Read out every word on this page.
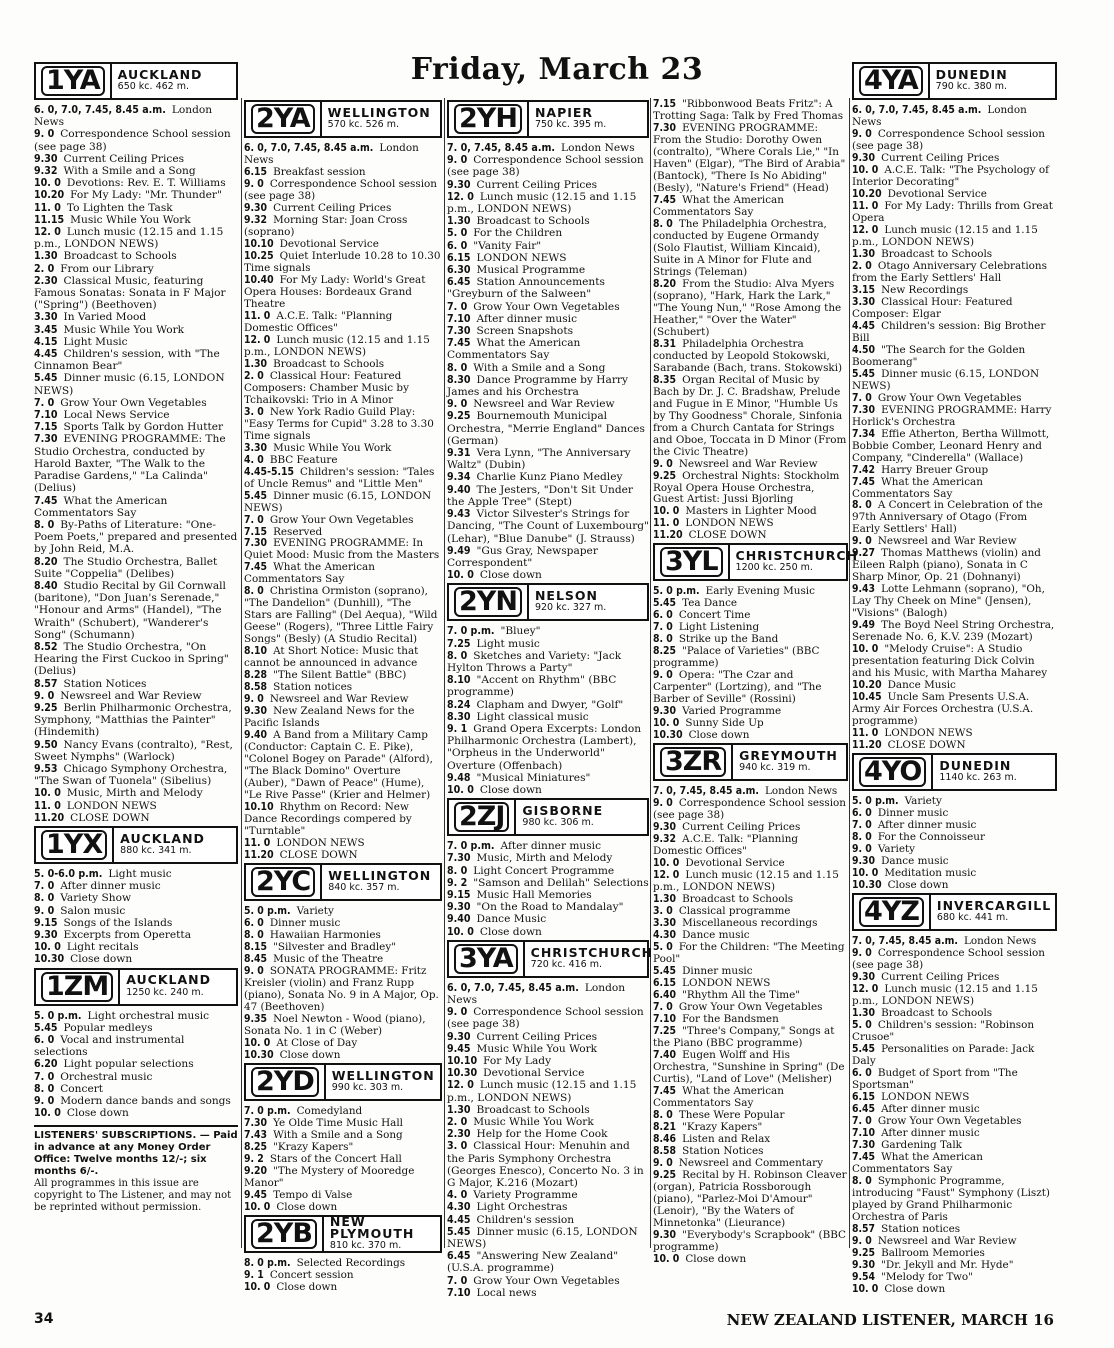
Friday, March 23
1YA	AUCKLAND
650 kc. 462 m.
6. 0, 7.0, 7.45, 8.45 a.m. London News
9. 0 Correspondence School session (see page 38)
9.30 Current Ceiling Prices
9.32 With a Smile and a Song
10. 0 Devotions: Rev. E. T. Williams
10.20 For My Lady: "Mr. Thunder"
11. 0 To Lighten the Task
11.15 Music While You Work
12. 0 Lunch music (12.15 and 1.15 p.m., LONDON NEWS)
1.30 Broadcast to Schools
2. 0 From our Library
2.30 Classical Music, featuring Famous Sonatas: Sonata in F Major ("Spring") (Beethoven)
3.30 In Varied Mood
3.45 Music While You Work
4.15 Light Music
4.45 Children's session, with "The Cinnamon Bear"
5.45 Dinner music (6.15, LONDON NEWS)
7. 0 Grow Your Own Vegetables
7.10 Local News Service
7.15 Sports Talk by Gordon Hutter
7.30 EVENING PROGRAMME: The Studio Orchestra, conducted by Harold Baxter, "The Walk to the Paradise Gardens," "La Calinda" (Delius)
7.45 What the American Commentators Say
8. 0 By-Paths of Literature: "One-Poem Poets," prepared and presented by John Reid, M.A.
8.20 The Studio Orchestra, Ballet Suite "Coppelia" (Delibes)
8.40 Studio Recital by Gil Cornwall (baritone), "Don Juan's Serenade," "Honour and Arms" (Handel), "The Wraith" (Schubert), "Wanderer's Song" (Schumann)
8.52 The Studio Orchestra, "On Hearing the First Cuckoo in Spring" (Delius)
8.57 Station Notices
9. 0 Newsreel and War Review
9.25 Berlin Philharmonic Orchestra, Symphony, "Matthias the Painter" (Hindemith)
9.50 Nancy Evans (contralto), "Rest, Sweet Nymphs" (Warlock)
9.53 Chicago Symphony Orchestra, "The Swan of Tuonela" (Sibelius)
10. 0 Music, Mirth and Melody
11. 0 LONDON NEWS
11.20 CLOSE DOWN
1YX	AUCKLAND
880 kc. 341 m.
5. 0-6.0 p.m. Light music
7. 0 After dinner music
8. 0 Variety Show
9. 0 Salon music
9.15 Songs of the Islands
9.30 Excerpts from Operetta
10. 0 Light recitals
10.30 Close down
1ZM	AUCKLAND
1250 kc. 240 m.
5. 0 p.m. Light orchestral music
5.45 Popular medleys
6. 0 Vocal and instrumental selections
6.20 Light popular selections
7. 0 Orchestral music
8. 0 Concert
9. 0 Modern dance bands and songs
10. 0 Close down
LISTENERS' SUBSCRIPTIONS. — Paid in advance at any Money Order Office: Twelve months 12/-; six months 6/-.
All programmes in this issue are copyright to The Listener, and may not be reprinted without permission.
2YA	WELLINGTON
570 kc. 526 m.
6. 0, 7.0, 7.45, 8.45 a.m. London News
6.15 Breakfast session
9. 0 Correspondence School session (see page 38)
9.30 Current Ceiling Prices
9.32 Morning Star: Joan Cross (soprano)
10.10 Devotional Service
10.25 Quiet Interlude 10.28 to 10.30 Time signals
10.40 For My Lady: World's Great Opera Houses: Bordeaux Grand Theatre
11. 0 A.C.E. Talk: "Planning Domestic Offices"
12. 0 Lunch music (12.15 and 1.15 p.m., LONDON NEWS)
1.30 Broadcast to Schools
2. 0 Classical Hour: Featured Composers: Chamber Music by Tchaikovski: Trio in A Minor
3. 0 New York Radio Guild Play: "Easy Terms for Cupid" 3.28 to 3.30 Time signals
3.30 Music While You Work
4. 0 BBC Feature
4.45-5.15 Children's session: "Tales of Uncle Remus" and "Little Men"
5.45 Dinner music (6.15, LONDON NEWS)
7. 0 Grow Your Own Vegetables
7.15 Reserved
7.30 EVENING PROGRAMME: In Quiet Mood: Music from the Masters
7.45 What the American Commentators Say
8. 0 Christina Ormiston (soprano), "The Dandelion" (Dunhill), "The Stars are Falling" (Del Aequa), "Wild Geese" (Rogers), "Three Little Fairy Songs" (Besly) (A Studio Recital)
8.10 At Short Notice: Music that cannot be announced in advance
8.28 "The Silent Battle" (BBC)
8.58 Station notices
9. 0 Newsreel and War Review
9.30 New Zealand News for the Pacific Islands
9.40 A Band from a Military Camp (Conductor: Captain C. E. Pike), "Colonel Bogey on Parade" (Alford), "The Black Domino" Overture (Auber), "Dawn of Peace" (Hume), "Le Rive Passe" (Krier and Helmer)
10.10 Rhythm on Record: New Dance Recordings compered by "Turntable"
11. 0 LONDON NEWS
11.20 CLOSE DOWN
2YC	WELLINGTON
840 kc. 357 m.
5. 0 p.m. Variety
6. 0 Dinner music
8. 0 Hawaiian Harmonies
8.15 "Silvester and Bradley"
8.45 Music of the Theatre
9. 0 SONATA PROGRAMME: Fritz Kreisler (violin) and Franz Rupp (piano), Sonata No. 9 in A Major, Op. 47 (Beethoven)
9.35 Noel Newton - Wood (piano), Sonata No. 1 in C (Weber)
10. 0 At Close of Day
10.30 Close down
2YD	WELLINGTON
990 kc. 303 m.
7. 0 p.m. Comedyland
7.30 Ye Olde Time Music Hall
7.43 With a Smile and a Song
8.25 "Krazy Kapers"
9. 2 Stars of the Concert Hall
9.20 "The Mystery of Mooredge Manor"
9.45 Tempo di Valse
10. 0 Close down
2YB	NEW PLYMOUTH
810 kc. 370 m.
8. 0 p.m. Selected Recordings
9. 1 Concert session
10. 0 Close down
2YH	NAPIER
750 kc. 395 m.
7. 0, 7.45, 8.45 a.m. London News
9. 0 Correspondence School session (see page 38)
9.30 Current Ceiling Prices
12. 0 Lunch music (12.15 and 1.15 p.m., LONDON NEWS)
1.30 Broadcast to Schools
5. 0 For the Children
6. 0 "Vanity Fair"
6.15 LONDON NEWS
6.30 Musical Programme
6.45 Station Announcements "Greyburn of the Salween"
7. 0 Grow Your Own Vegetables
7.10 After dinner music
7.30 Screen Snapshots
7.45 What the American Commentators Say
8. 0 With a Smile and a Song
8.30 Dance Programme by Harry James and his Orchestra
9. 0 Newsreel and War Review
9.25 Bournemouth Municipal Orchestra, "Merrie England" Dances (German)
9.31 Vera Lynn, "The Anniversary Waltz" (Dubin)
9.34 Charlie Kunz Piano Medley
9.40 The Jesters, "Don't Sit Under the Apple Tree" (Stept)
9.43 Victor Silvester's Strings for Dancing, "The Count of Luxembourg" (Lehar), "Blue Danube" (J. Strauss)
9.49 "Gus Gray, Newspaper Correspondent"
10. 0 Close down
2YN	NELSON
920 kc. 327 m.
7. 0 p.m. "Bluey"
7.25 Light music
8. 0 Sketches and Variety: "Jack Hylton Throws a Party"
8.10 "Accent on Rhythm" (BBC programme)
8.24 Clapham and Dwyer, "Golf"
8.30 Light classical music
9. 1 Grand Opera Excerpts: London Philharmonic Orchestra (Lambert), "Orpheus in the Underworld" Overture (Offenbach)
9.48 "Musical Miniatures"
10. 0 Close down
2ZJ	GISBORNE
980 kc. 306 m.
7. 0 p.m. After dinner music
7.30 Music, Mirth and Melody
8. 0 Light Concert Programme
9. 2 "Samson and Delilah" Selections
9.15 Music Hall Memories
9.30 "On the Road to Mandalay"
9.40 Dance Music
10. 0 Close down
3YA	CHRISTCHURCH
720 kc. 416 m.
6. 0, 7.0, 7.45, 8.45 a.m. London News
9. 0 Correspondence School session (see page 38)
9.30 Current Ceiling Prices
9.45 Music While You Work
10.10 For My Lady
10.30 Devotional Service
12. 0 Lunch music (12.15 and 1.15 p.m., LONDON NEWS)
1.30 Broadcast to Schools
2. 0 Music While You Work
2.30 Help for the Home Cook
3. 0 Classical Hour: Menuhin and the Paris Symphony Orchestra (Georges Enesco), Concerto No. 3 in G Major, K.216 (Mozart)
4. 0 Variety Programme
4.30 Light Orchestras
4.45 Children's session
5.45 Dinner music (6.15, LONDON NEWS)
6.45 "Answering New Zealand" (U.S.A. programme)
7. 0 Grow Your Own Vegetables
7.10 Local news
7.15 "Ribbonwood Beats Fritz": A Trotting Saga: Talk by Fred Thomas
7.30 EVENING PROGRAMME: From the Studio: Dorothy Owen (contralto), "Where Corals Lie," "In Haven" (Elgar), "The Bird of Arabia" (Bantock), "There Is No Abiding" (Besly), "Nature's Friend" (Head)
7.45 What the American Commentators Say
8. 0 The Philadelphia Orchestra, conducted by Eugene Ormandy (Solo Flautist, William Kincaid), Suite in A Minor for Flute and Strings (Teleman)
8.20 From the Studio: Alva Myers (soprano), "Hark, Hark the Lark," "The Young Nun," "Rose Among the Heather," "Over the Water" (Schubert)
8.31 Philadelphia Orchestra conducted by Leopold Stokowski, Sarabande (Bach, trans. Stokowski)
8.35 Organ Recital of Music by Bach by Dr. J. C. Bradshaw, Prelude and Fugue in E Minor, "Humble Us by Thy Goodness" Chorale, Sinfonia from a Church Cantata for Strings and Oboe, Toccata in D Minor (From the Civic Theatre)
9. 0 Newsreel and War Review
9.25 Orchestral Nights: Stockholm Royal Opera House Orchestra, Guest Artist: Jussi Bjorling
10. 0 Masters in Lighter Mood
11. 0 LONDON NEWS
11.20 CLOSE DOWN
3YL	CHRISTCHURCH
1200 kc. 250 m.
5. 0 p.m. Early Evening Music
5.45 Tea Dance
6. 0 Concert Time
7. 0 Light Listening
8. 0 Strike up the Band
8.25 "Palace of Varieties" (BBC programme)
9. 0 Opera: "The Czar and Carpenter" (Lortzing), and "The Barber of Seville" (Rossini)
9.30 Varied Programme
10. 0 Sunny Side Up
10.30 Close down
3ZR	GREYMOUTH
940 kc. 319 m.
7. 0, 7.45, 8.45 a.m. London News
9. 0 Correspondence School session (see page 38)
9.30 Current Ceiling Prices
9.32 A.C.E. Talk: "Planning Domestic Offices"
10. 0 Devotional Service
12. 0 Lunch music (12.15 and 1.15 p.m., LONDON NEWS)
1.30 Broadcast to Schools
3. 0 Classical programme
3.30 Miscellaneous recordings
4.30 Dance music
5. 0 For the Children: "The Meeting Pool"
5.45 Dinner music
6.15 LONDON NEWS
6.40 "Rhythm All the Time"
7. 0 Grow Your Own Vegetables
7.10 For the Bandsmen
7.25 "Three's Company," Songs at the Piano (BBC programme)
7.40 Eugen Wolff and His Orchestra, "Sunshine in Spring" (De Curtis), "Land of Love" (Melisher)
7.45 What the American Commentators Say
8. 0 These Were Popular
8.21 "Krazy Kapers"
8.46 Listen and Relax
8.58 Station Notices
9. 0 Newsreel and Commentary
9.25 Recital by H. Robinson Cleaver (organ), Patricia Rossborough (piano), "Parlez-Moi D'Amour" (Lenoir), "By the Waters of Minnetonka" (Lieurance)
9.30 "Everybody's Scrapbook" (BBC programme)
10. 0 Close down
4YA	DUNEDIN
790 kc. 380 m.
6. 0, 7.0, 7.45, 8.45 a.m. London News
9. 0 Correspondence School session (see page 38)
9.30 Current Ceiling Prices
10. 0 A.C.E. Talk: "The Psychology of Interior Decorating"
10.20 Devotional Service
11. 0 For My Lady: Thrills from Great Opera
12. 0 Lunch music (12.15 and 1.15 p.m., LONDON NEWS)
1.30 Broadcast to Schools
2. 0 Otago Anniversary Celebrations from the Early Settlers' Hall
3.15 New Recordings
3.30 Classical Hour: Featured Composer: Elgar
4.45 Children's session: Big Brother Bill
4.50 "The Search for the Golden Boomerang"
5.45 Dinner music (6.15, LONDON NEWS)
7. 0 Grow Your Own Vegetables
7.30 EVENING PROGRAMME: Harry Horlick's Orchestra
7.34 Effie Atherton, Bertha Willmott, Bobbie Comber, Leonard Henry and Company, "Cinderella" (Wallace)
7.42 Harry Breuer Group
7.45 What the American Commentators Say
8. 0 A Concert in Celebration of the 97th Anniversary of Otago (From Early Settlers' Hall)
9. 0 Newsreel and War Review
9.27 Thomas Matthews (violin) and Eileen Ralph (piano), Sonata in C Sharp Minor, Op. 21 (Dohnanyi)
9.43 Lotte Lehmann (soprano), "Oh, Lay Thy Cheek on Mine" (Jensen), "Visions" (Balogh)
9.49 The Boyd Neel String Orchestra, Serenade No. 6, K.V. 239 (Mozart)
10. 0 "Melody Cruise": A Studio presentation featuring Dick Colvin and his Music, with Martha Maharey
10.20 Dance Music
10.45 Uncle Sam Presents U.S.A. Army Air Forces Orchestra (U.S.A. programme)
11. 0 LONDON NEWS
11.20 CLOSE DOWN
4YO	DUNEDIN
1140 kc. 263 m.
5. 0 p.m. Variety
6. 0 Dinner music
7. 0 After dinner music
8. 0 For the Connoisseur
9. 0 Variety
9.30 Dance music
10. 0 Meditation music
10.30 Close down
4YZ	INVERCARGILL
680 kc. 441 m.
7. 0, 7.45, 8.45 a.m. London News
9. 0 Correspondence School session (see page 38)
9.30 Current Ceiling Prices
12. 0 Lunch music (12.15 and 1.15 p.m., LONDON NEWS)
1.30 Broadcast to Schools
5. 0 Children's session: "Robinson Crusoe"
5.45 Personalities on Parade: Jack Daly
6. 0 Budget of Sport from "The Sportsman"
6.15 LONDON NEWS
6.45 After dinner music
7. 0 Grow Your Own Vegetables
7.10 After dinner music
7.30 Gardening Talk
7.45 What the American Commentators Say
8. 0 Symphonic Programme, introducing "Faust" Symphony (Liszt) played by Grand Philharmonic Orchestra of Paris
8.57 Station notices
9. 0 Newsreel and War Review
9.25 Ballroom Memories
9.30 "Dr. Jekyll and Mr. Hyde"
9.54 "Melody for Two"
10. 0 Close down
34	NEW ZEALAND LISTENER, MARCH 16
